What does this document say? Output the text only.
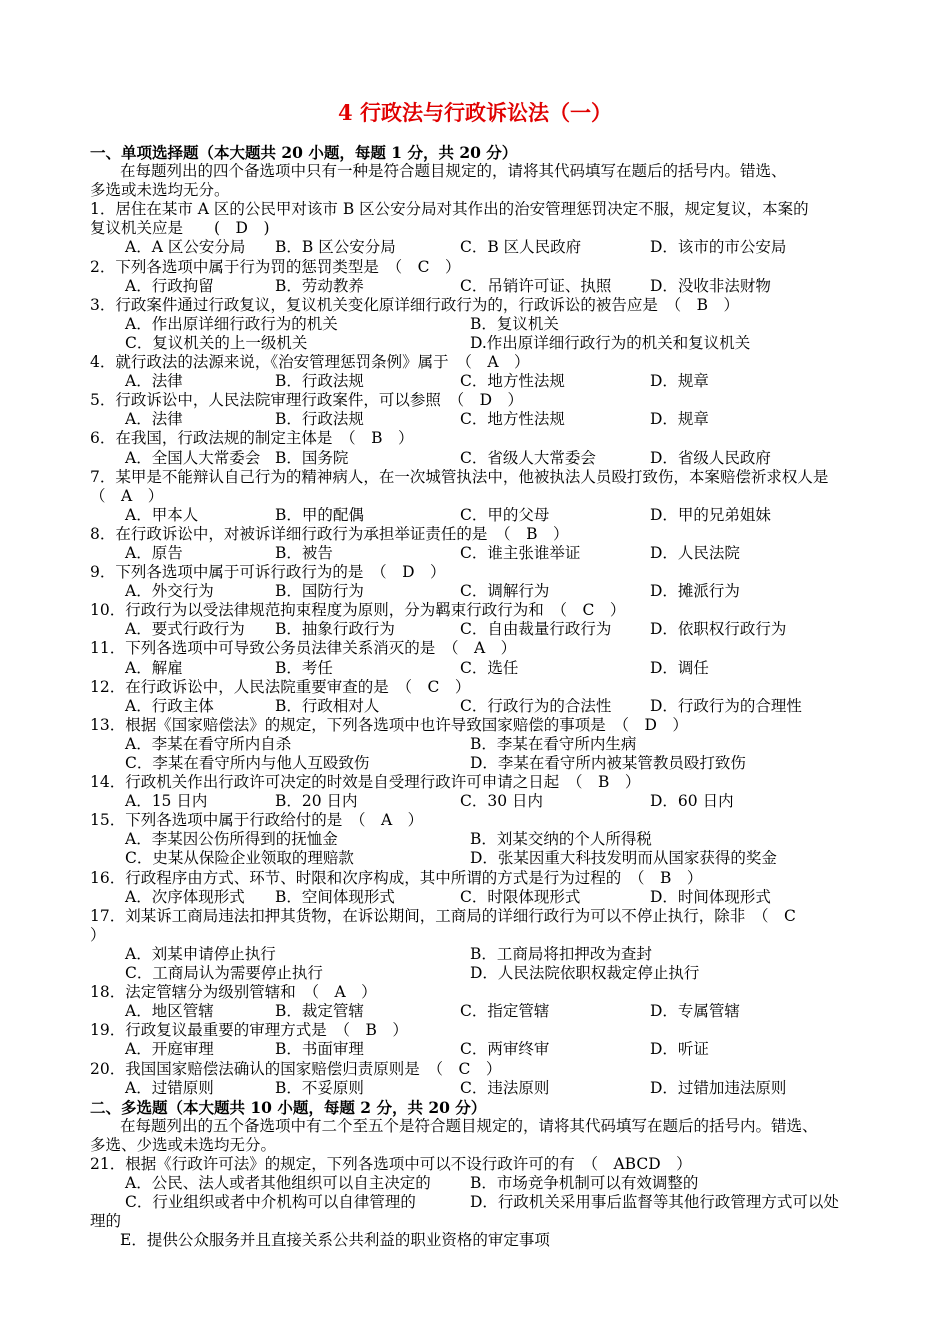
4 行政法与行政诉讼法（一）
一、单项选择题（本大题共 20 小题，每题 1 分，共 20 分）
在每题列出的四个备选项中只有一种是符合题目规定的，请将其代码填写在题后的括号内。错选、
多选或未选均无分。
1．居住在某市 A 区的公民甲对该市 B 区公安分局对其作出的治安管理惩罚决定不服，规定复议，本案的
复议机关应是　　(　D　)
A．A 区公安分局 B．B 区公安分局	C．B 区人民政府	D．该市的市公安局
2．下列各选项中属于行为罚的惩罚类型是　（　C　）
A．行政拘留	B．劳动教养	C．吊销许可证、执照 D．没收非法财物
3．行政案件通过行政复议，复议机关变化原详细行政行为的，行政诉讼的被告应是　（　B　）
A．作出原详细行政行为的机关	B．复议机关
C．复议机关的上一级机关	D.作出原详细行政行为的机关和复议机关
4．就行政法的法源来说，《治安管理惩罚条例》属于　（　A　）
A．法律	B．行政法规	C．地方性法规	D．规章
5．行政诉讼中，人民法院审理行政案件，可以参照　（　D　）
A．法律	B．行政法规	C．地方性法规	D．规章
6．在我国，行政法规的制定主体是　（　B　）
A．全国人大常委会 B．国务院	C．省级人大常委会	D．省级人民政府
7．某甲是不能辩认自己行为的精神病人，在一次城管执法中，他被执法人员殴打致伤，本案赔偿祈求权人是
（　A　）
A．甲本人	B．甲的配偶	C．甲的父母	D．甲的兄弟姐妹
8．在行政诉讼中，对被诉详细行政行为承担举证责任的是　（　B　）
A．原告	B．被告	C．谁主张谁举证	D．人民法院
9．下列各选项中属于可诉行政行为的是　（　D　）
A．外交行为	B．国防行为	C．调解行为	D．摊派行为
10．行政行为以受法律规范拘束程度为原则，分为羁束行政行为和　（　C　）
A．要式行政行为 B．抽象行政行为	C．自由裁量行政行为 D．依职权行政行为
11．下列各选项中可导致公务员法律关系消灭的是　（　A　）
A．解雇	B．考任	C．选任	D．调任
12．在行政诉讼中，人民法院重要审查的是　（　C　）
A．行政主体	B．行政相对人	C．行政行为的合法性 D．行政行为的合理性
13．根据《国家赔偿法》的规定，下列各选项中也许导致国家赔偿的事项是　（　D　）
A．李某在看守所内自杀	B．李某在看守所内生病
C．李某在看守所内与他人互殴致伤	D．李某在看守所内被某管教员殴打致伤
14．行政机关作出行政许可决定的时效是自受理行政许可申请之日起　（　B　）
A．15 日内	B．20 日内	C．30 日内	D．60 日内
15．下列各选项中属于行政给付的是　（　A　）
A．李某因公伤所得到的抚恤金	B．刘某交纳的个人所得税
C．史某从保险企业领取的理赔款	D．张某因重大科技发明而从国家获得的奖金
16．行政程序由方式、环节、时限和次序构成，其中所谓的方式是行为过程的　（　B　）
A．次序体现形式 B．空间体现形式	C．时限体现形式	D．时间体现形式
17．刘某诉工商局违法扣押其货物，在诉讼期间，工商局的详细行政行为可以不停止执行，除非　（　C
）
A．刘某申请停止执行	B．工商局将扣押改为查封
C．工商局认为需要停止执行	D．人民法院依职权裁定停止执行
18．法定管辖分为级别管辖和　（　A　）
A．地区管辖	B．裁定管辖	C．指定管辖	D．专属管辖
19．行政复议最重要的审理方式是　（　B　）
A．开庭审理	B．书面审理	C．两审终审	D．听证
20．我国国家赔偿法确认的国家赔偿归责原则是　（　C　）
A．过错原则	B．不妥原则	C．违法原则	D．过错加违法原则
二、多选题（本大题共 10 小题，每题 2 分，共 20 分）
在每题列出的五个备选项中有二个至五个是符合题目规定的，请将其代码填写在题后的括号内。错选、
多选、少选或未选均无分。
21．根据《行政许可法》的规定，下列各选项中可以不设行政许可的有　（　ABCD　）
A．公民、法人或者其他组织可以自主决定的	B．市场竞争机制可以有效调整的
C．行业组织或者中介机构可以自律管理的	D．行政机关采用事后监督等其他行政管理方式可以处
理的
E．提供公众服务并且直接关系公共利益的职业资格的审定事项
